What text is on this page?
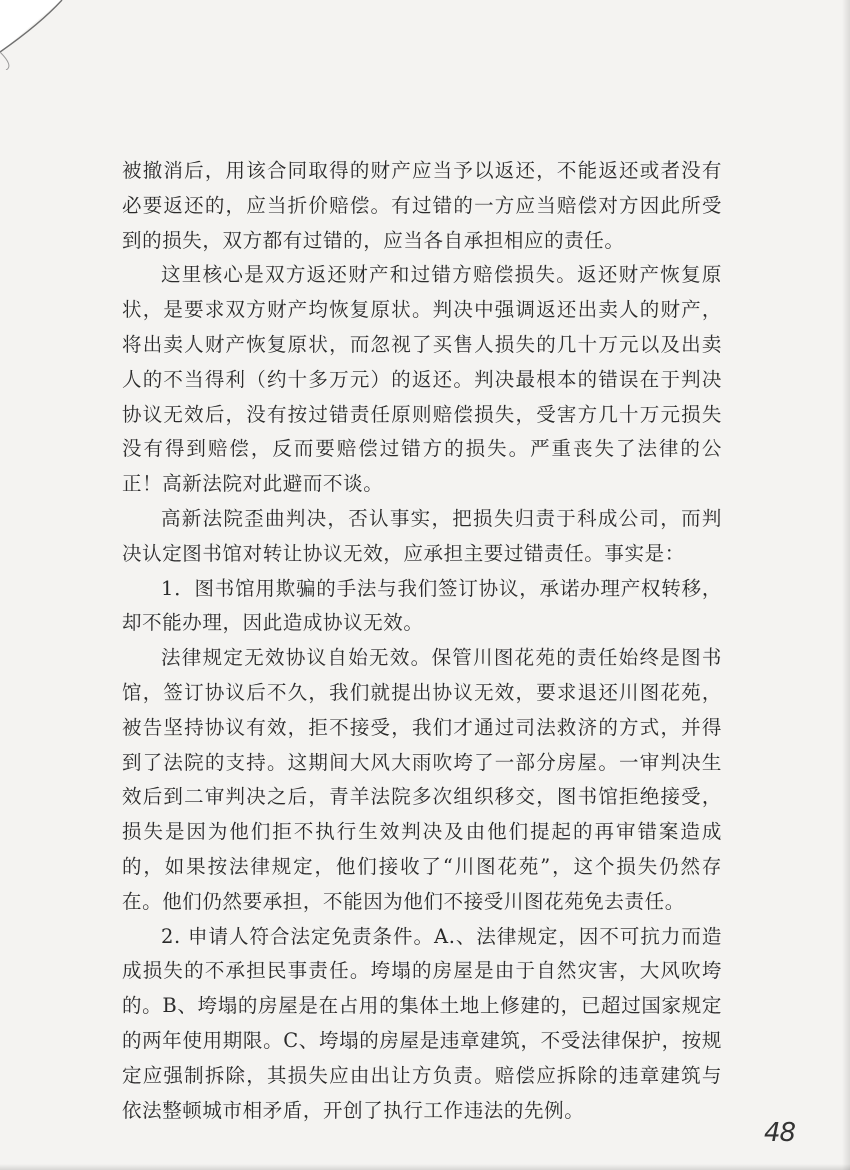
被撤消后，用该合同取得的财产应当予以返还，不能返还或者没有必要返还的，应当折价赔偿。有过错的一方应当赔偿对方因此所受到的损失，双方都有过错的，应当各自承担相应的责任。

这里核心是双方返还财产和过错方赔偿损失。返还财产恢复原状，是要求双方财产均恢复原状。判决中强调返还出卖人的财产，将出卖人财产恢复原状，而忽视了买售人损失的几十万元以及出卖人的不当得利（约十多万元）的返还。判决最根本的错误在于判决协议无效后，没有按过错责任原则赔偿损失，受害方几十万元损失没有得到赔偿，反而要赔偿过错方的损失。严重丧失了法律的公正！高新法院对此避而不谈。

高新法院歪曲判决，否认事实，把损失归责于科成公司，而判决认定图书馆对转让协议无效，应承担主要过错责任。事实是：

1．图书馆用欺骗的手法与我们签订协议，承诺办理产权转移，却不能办理，因此造成协议无效。

法律规定无效协议自始无效。保管川图花苑的责任始终是图书馆，签订协议后不久，我们就提出协议无效，要求退还川图花苑，被告坚持协议有效，拒不接受，我们才通过司法救济的方式，并得到了法院的支持。这期间大风大雨吹垮了一部分房屋。一审判决生效后到二审判决之后，青羊法院多次组织移交，图书馆拒绝接受，损失是因为他们拒不执行生效判决及由他们提起的再审错案造成的，如果按法律规定，他们接收了“川图花苑”，这个损失仍然存在。他们仍然要承担，不能因为他们不接受川图花苑免去责任。

2. 申请人符合法定免责条件。A.、法律规定，因不可抗力而造成损失的不承担民事责任。垮塌的房屋是由于自然灾害，大风吹垮的。B、垮塌的房屋是在占用的集体土地上修建的，已超过国家规定的两年使用期限。C、垮塌的房屋是违章建筑，不受法律保护，按规定应强制拆除，其损失应由出让方负责。赔偿应拆除的违章建筑与依法整顿城市相矛盾，开创了执行工作违法的先例。

48
